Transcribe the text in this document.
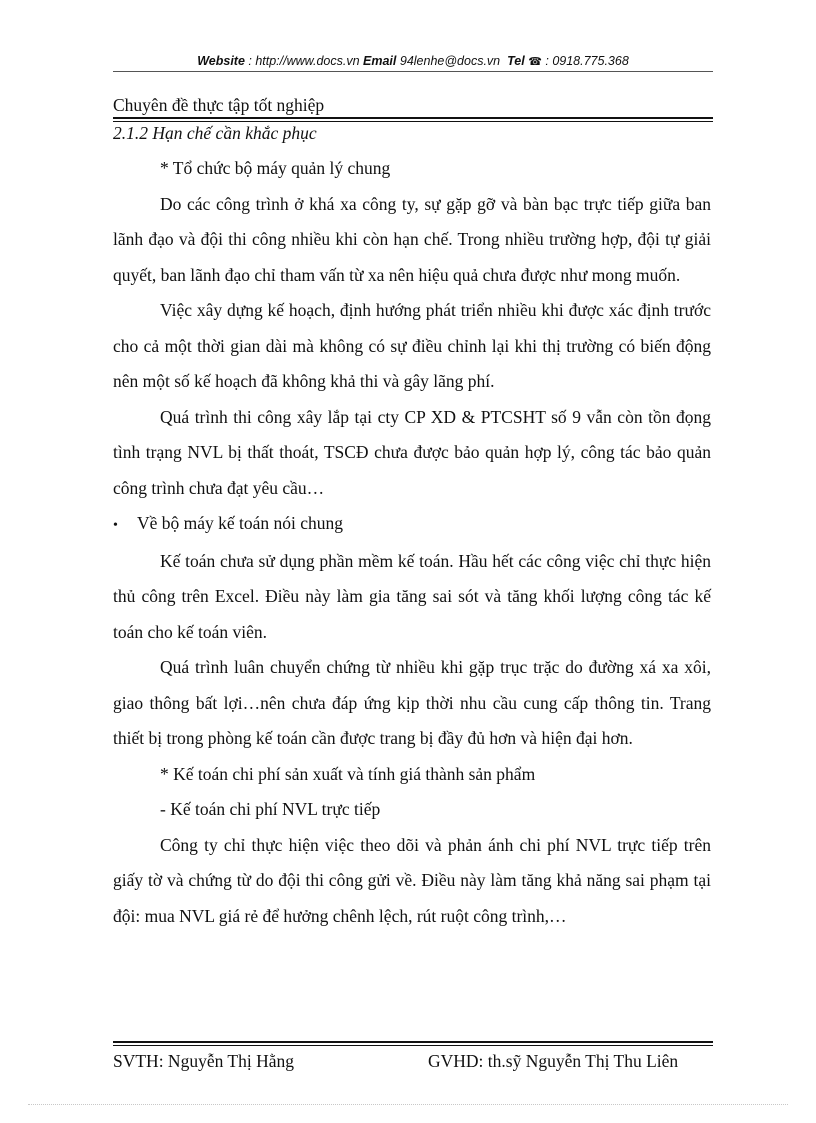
Website : http://www.docs.vn Email 94lenhe@docs.vn Tel ☎ : 0918.775.368
Chuyên đề thực tập tốt nghiệp
2.1.2 Hạn chế cần khắc phục

* Tổ chức bộ máy quản lý chung

Do các công trình ở khá xa công ty, sự gặp gỡ và bàn bạc trực tiếp giữa ban lãnh đạo và đội thi công nhiều khi còn hạn chế. Trong nhiều trường hợp, đội tự giải quyết, ban lãnh đạo chỉ tham vấn từ xa nên hiệu quả chưa được như mong muốn.

Việc xây dựng kế hoạch, định hướng phát triển nhiều khi được xác định trước cho cả một thời gian dài mà không có sự điều chỉnh lại khi thị trường có biến động nên một số kế hoạch đã không khả thi và gây lãng phí.

Quá trình thi công xây lắp tại cty CP XD & PTCSHT số 9 vẫn còn tồn đọng tình trạng NVL bị thất thoát, TSCĐ chưa được bảo quản hợp lý, công tác bảo quản công trình chưa đạt yêu cầu…

•	Về bộ máy kế toán nói chung

Kế toán chưa sử dụng phần mềm kế toán. Hầu hết các công việc chỉ thực hiện thủ công trên Excel. Điều này làm gia tăng sai sót và tăng khối lượng công tác kế toán cho kế toán viên.

Quá trình luân chuyển chứng từ nhiều khi gặp trục trặc do đường xá xa xôi, giao thông bất lợi…nên chưa đáp ứng kịp thời nhu cầu cung cấp thông tin. Trang thiết bị trong phòng kế toán cần được trang bị đầy đủ hơn và hiện đại hơn.

* Kế toán chi phí sản xuất và tính giá thành sản phẩm

- Kế toán chi phí NVL trực tiếp

Công ty chỉ thực hiện việc theo dõi và phản ánh chi phí NVL trực tiếp trên giấy tờ và chứng từ do đội thi công gửi về. Điều này làm tăng khả năng sai phạm tại đội: mua NVL giá rẻ để hưởng chênh lệch, rút ruột công trình,…

SVTH: Nguyễn Thị Hằng	GVHD: th.sỹ Nguyễn Thị Thu Liên
